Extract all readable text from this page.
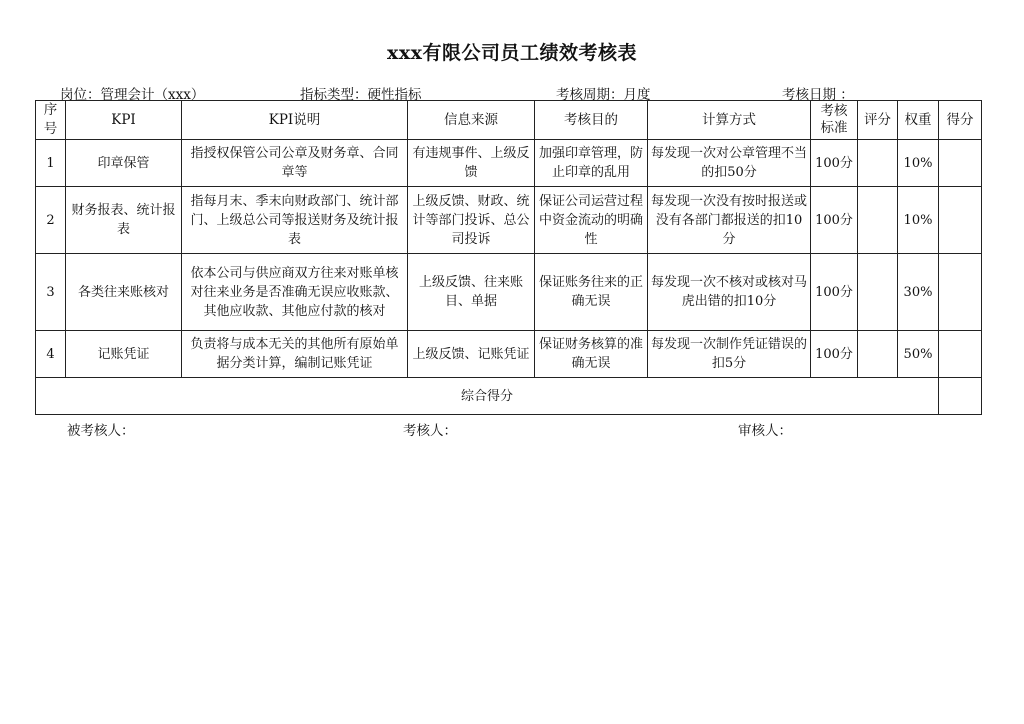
xxx有限公司员工绩效考核表
岗位：管理会计（xxx）	指标类型：硬性指标	考核周期：月度	考核日期 ：
序号	KPI	KPI说明	信息来源	考核目的	计算方式	考核标准	评分	权重	得分
1	印章保管	指授权保管公司公章及财务章、合同章等	有违规事件、上级反馈	加强印章管理，防止印章的乱用	每发现一次对公章管理不当的扣50分	100分		10%	
2	财务报表、统计报表	指每月末、季末向财政部门、统计部门、上级总公司等报送财务及统计报表	上级反馈、财政、统计等部门投诉、总公司投诉	保证公司运营过程中资金流动的明确性	每发现一次没有按时报送或没有各部门都报送的扣10分	100分		10%	
3	各类往来账核对	依本公司与供应商双方往来对账单核对往来业务是否准确无误应收账款、其他应收款、其他应付款的核对	上级反馈、往来账目、单据	保证账务往来的正确无误	每发现一次不核对或核对马虎出错的扣10分	100分		30%	
4	记账凭证	负责将与成本无关的其他所有原始单据分类计算，编制记账凭证	上级反馈、记账凭证	保证财务核算的准确无误	每发现一次制作凭证错误的扣5分	100分		50%	
综合得分									
被考核人：	考核人：	审核人：
